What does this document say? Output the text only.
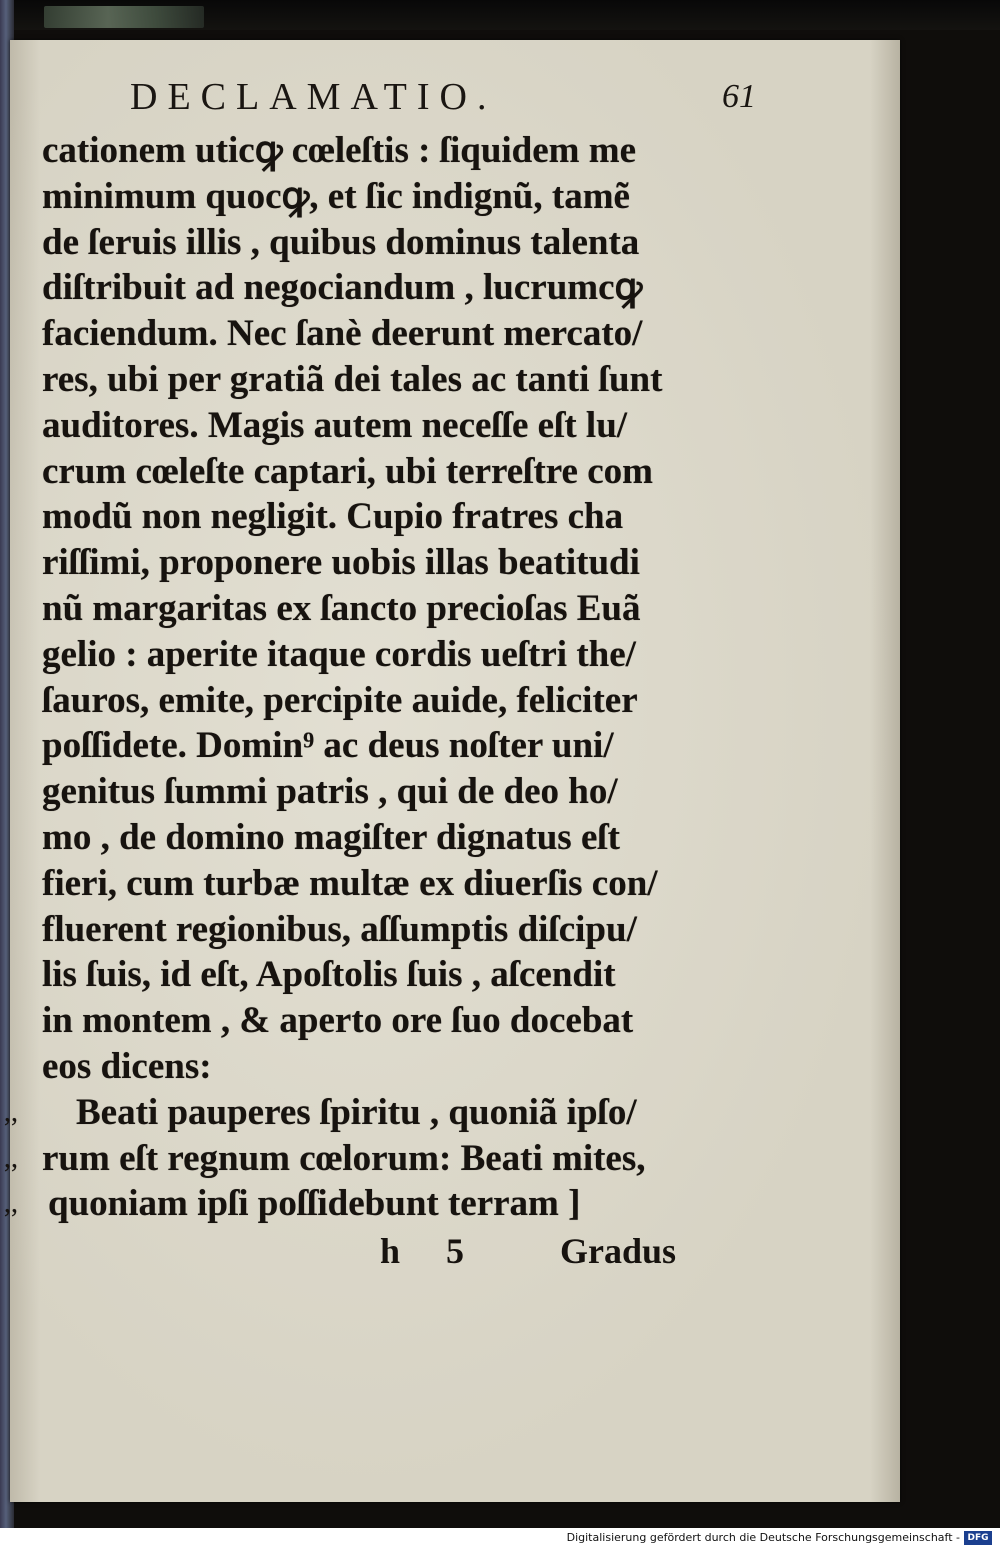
DECLAMATIO.	61
cationem uticꝙ cœleſtis : ſiquidem me
minimum quocꝙ, et ſic indignũ, tamẽ
de ſeruis illis , quibus dominus talenta
diſtribuit ad negociandum , lucrumcꝙ
faciendum. Nec ſanè deerunt mercato/
res, ubi per gratiã dei tales ac tanti ſunt
auditores. Magis autem neceſſe eſt lu/
crum cœleſte captari, ubi terreſtre com
modũ non negligit. Cupio fratres cha
riſſimi, proponere uobis illas beatitudi
nũ margaritas ex ſancto precioſas Euã
gelio : aperite itaque cordis ueſtri the/
ſauros, emite, percipite auide, feliciter
poſſidete. Domin⁹ ac deus noſter uni/
genitus ſummi patris , qui de deo ho/
mo , de domino magiſter dignatus eſt
fieri, cum turbæ multæ ex diuerſis con/
fluerent regionibus, aſſumptis diſcipu/
lis ſuis, id eſt, Apoſtolis ſuis , aſcendit
in montem , & aperto ore ſuo docebat
eos dicens:
,, Beati pauperes ſpiritu , quoniã ipſo/
,, rum eſt regnum cœlorum: Beati mites,
,, quoniam ipſi poſſidebunt terram ]
h 5	Gradus
Digitalisierung gefördert durch die Deutsche Forschungsgemeinschaft - DFG
